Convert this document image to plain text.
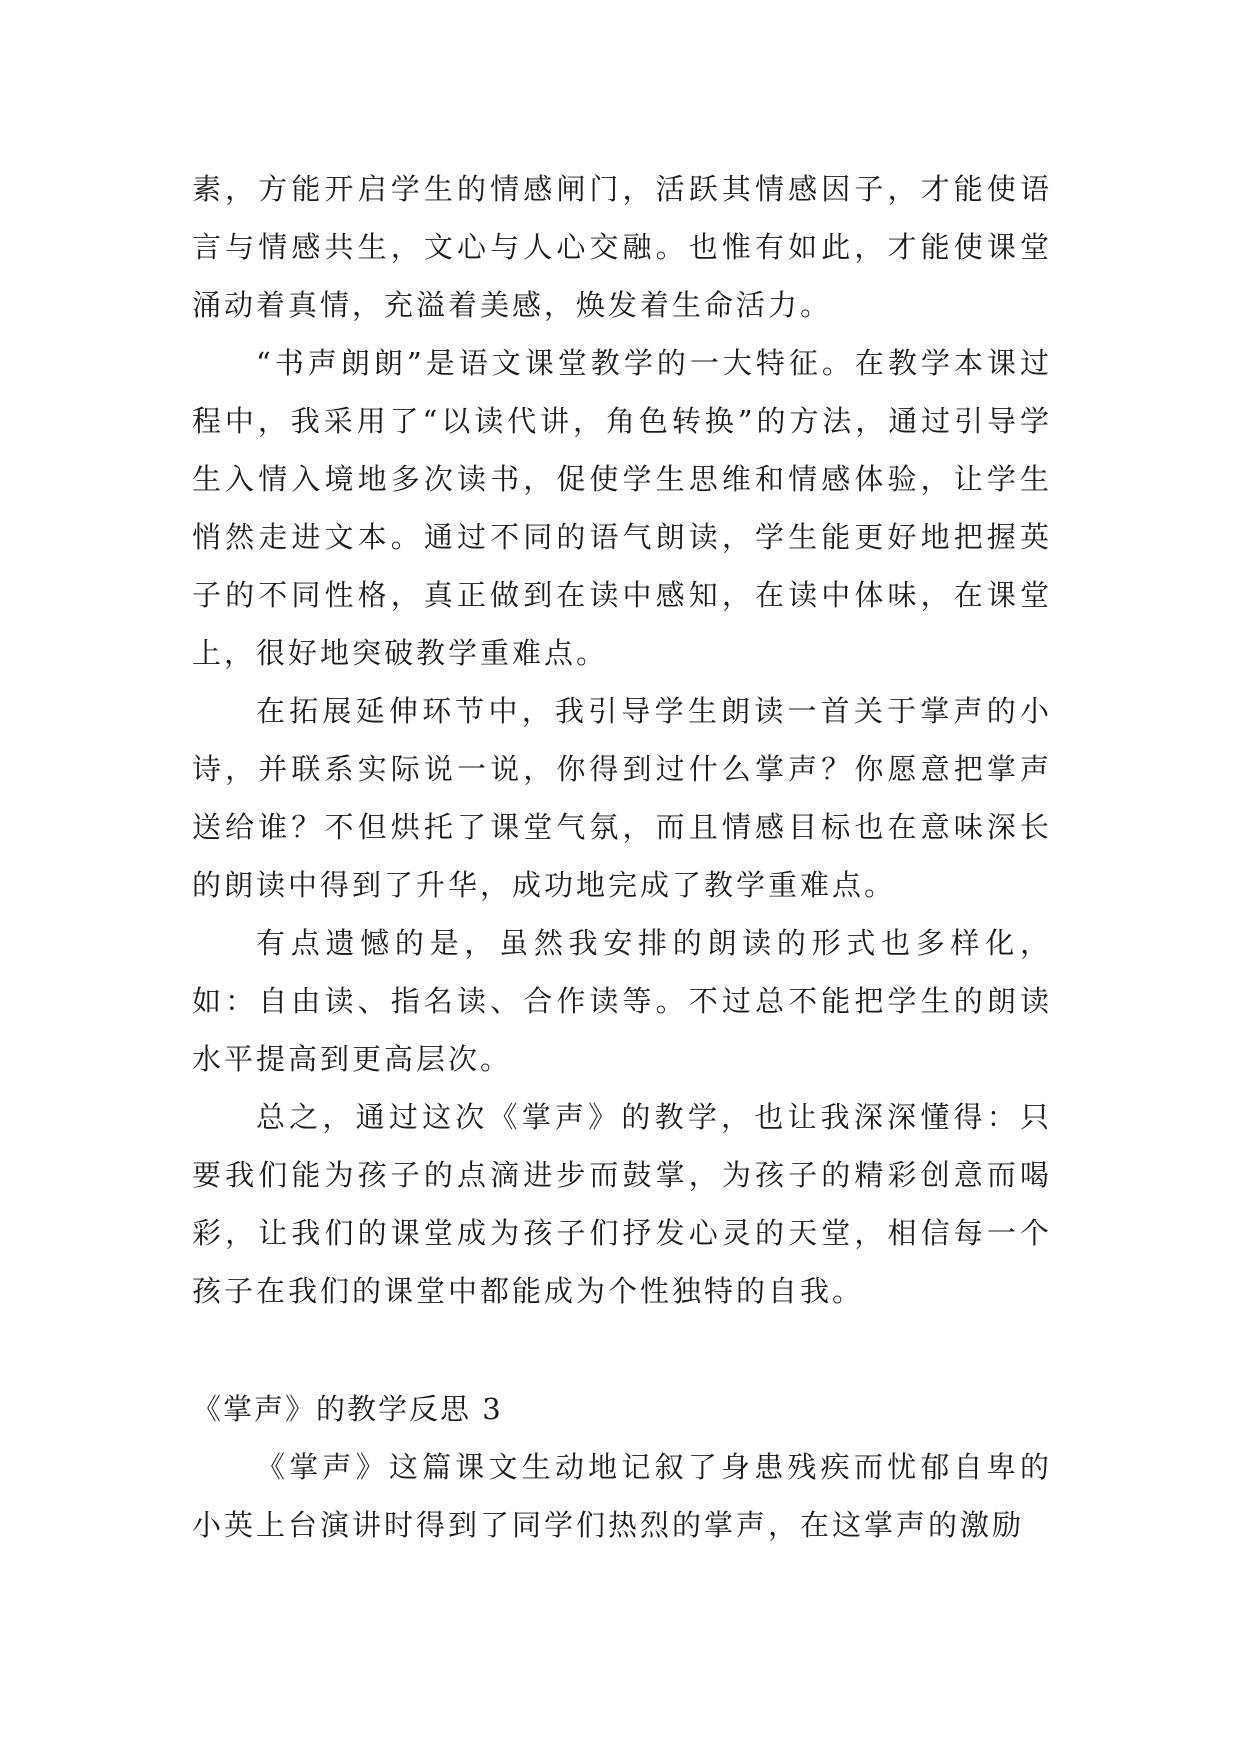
素，方能开启学生的情感闸门，活跃其情感因子，才能使语言与情感共生，文心与人心交融。也惟有如此，才能使课堂涌动着真情，充溢着美感，焕发着生命活力。

“书声朗朗”是语文课堂教学的一大特征。在教学本课过程中，我采用了“以读代讲，角色转换”的方法，通过引导学生入情入境地多次读书，促使学生思维和情感体验，让学生悄然走进文本。通过不同的语气朗读，学生能更好地把握英子的不同性格，真正做到在读中感知，在读中体味，在课堂上，很好地突破教学重难点。

在拓展延伸环节中，我引导学生朗读一首关于掌声的小诗，并联系实际说一说，你得到过什么掌声？你愿意把掌声送给谁？不但烘托了课堂气氛，而且情感目标也在意味深长的朗读中得到了升华，成功地完成了教学重难点。

有点遗憾的是，虽然我安排的朗读的形式也多样化，如：自由读、指名读、合作读等。不过总不能把学生的朗读水平提高到更高层次。

总之，通过这次《掌声》的教学，也让我深深懂得：只要我们能为孩子的点滴进步而鼓掌，为孩子的精彩创意而喝彩，让我们的课堂成为孩子们抒发心灵的天堂，相信每一个孩子在我们的课堂中都能成为个性独特的自我。

《掌声》的教学反思 3

《掌声》这篇课文生动地记叙了身患残疾而忧郁自卑的小英上台演讲时得到了同学们热烈的掌声，在这掌声的激励
